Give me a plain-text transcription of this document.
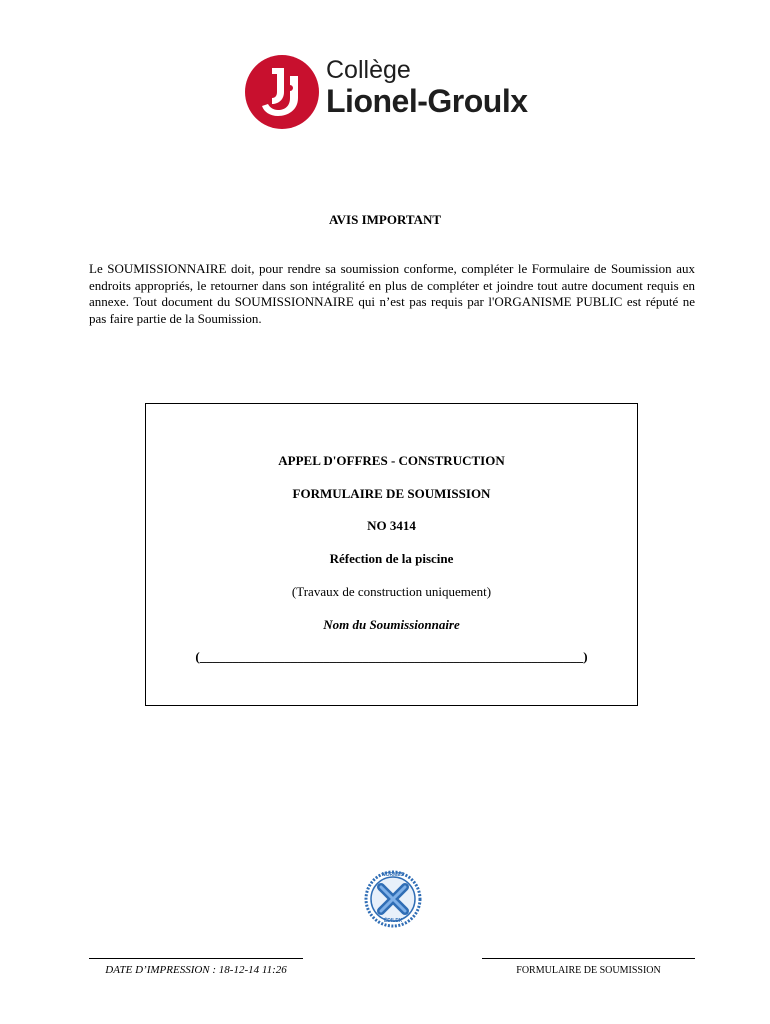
Collège
Lionel-Groulx
AVIS IMPORTANT
Le SOUMISSIONNAIRE doit, pour rendre sa soumission conforme, compléter le Formulaire de Soumission aux endroits appropriés, le retourner dans son intégralité en plus de compléter et joindre tout autre document requis en annexe. Tout document du SOUMISSIONNAIRE qui n’est pas requis par l'ORGANISME PUBLIC est réputé ne pas faire partie de la Soumission.
APPEL D'OFFRES - CONSTRUCTION
FORMULAIRE DE SOUMISSION
NO 3414
Réfection de la piscine
(Travaux de construction uniquement)
Nom du Soumissionnaire
(___________________________________________________________)
NORMES
ÉDILEX
DATE D’IMPRESSION : 18-12-14 11:26	FORMULAIRE DE SOUMISSION
